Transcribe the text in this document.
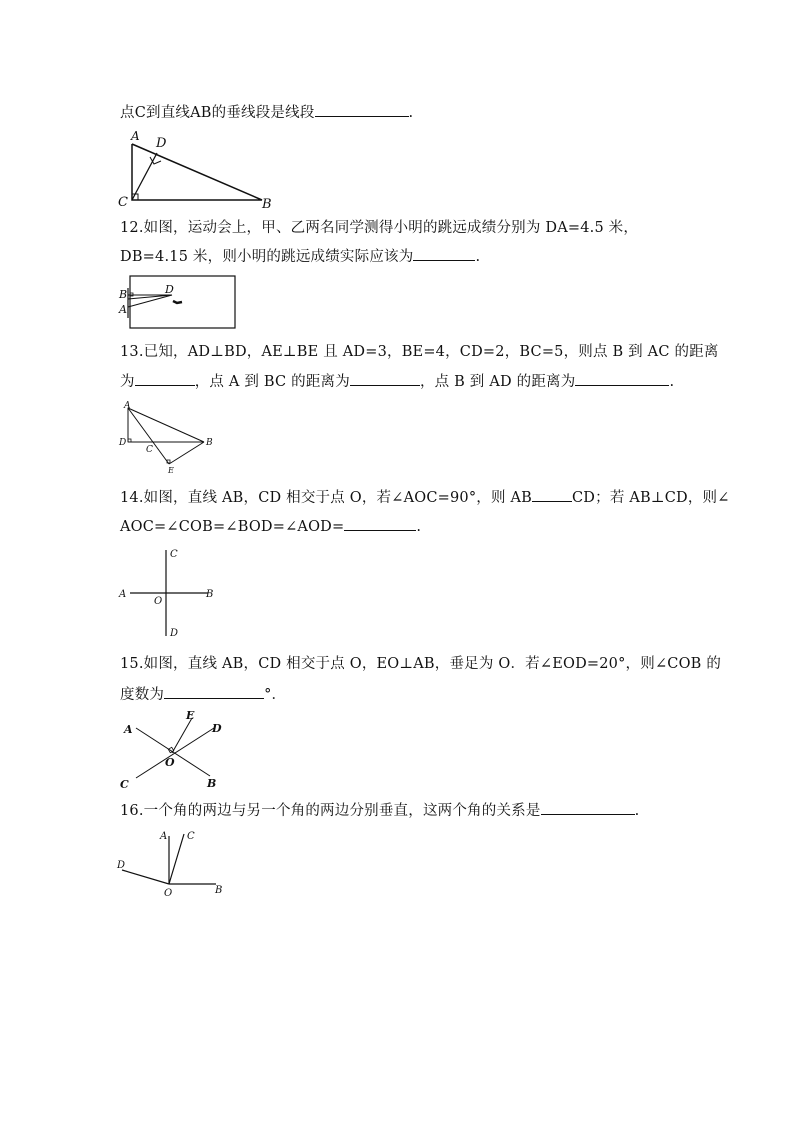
点C到直线AB的垂线段是线段	.
A D
C	B
12.如图，运动会上，甲、乙两名同学测得小明的跳远成绩分别为 DA=4.5 米，
DB=4.15 米，则小明的跳远成绩实际应该为	.
B
A
D
13.已知，AD⊥BD，AE⊥BE 且 AD=3，BE=4，CD=2，BC=5，则点 B 到 AC 的距离
为	，点 A 到 BC 的距离为	，点 B 到 AD 的距离为	.
A
D
C
B
E
14.如图，直线 AB，CD 相交于点 O，若∠AOC=90°，则 AB	CD；若 AB⊥CD，则∠
AOC=∠COB=∠BOD=∠AOD=	.
C
A	B
O
D
15.如图，直线 AB，CD 相交于点 O，EO⊥AB，垂足为 O．若∠EOD=20°，则∠COB 的
度数为	°．
A
E
D
O
C	B
16.一个角的两边与另一个角的两边分别垂直，这两个角的关系是	.
A C
D
O	B
